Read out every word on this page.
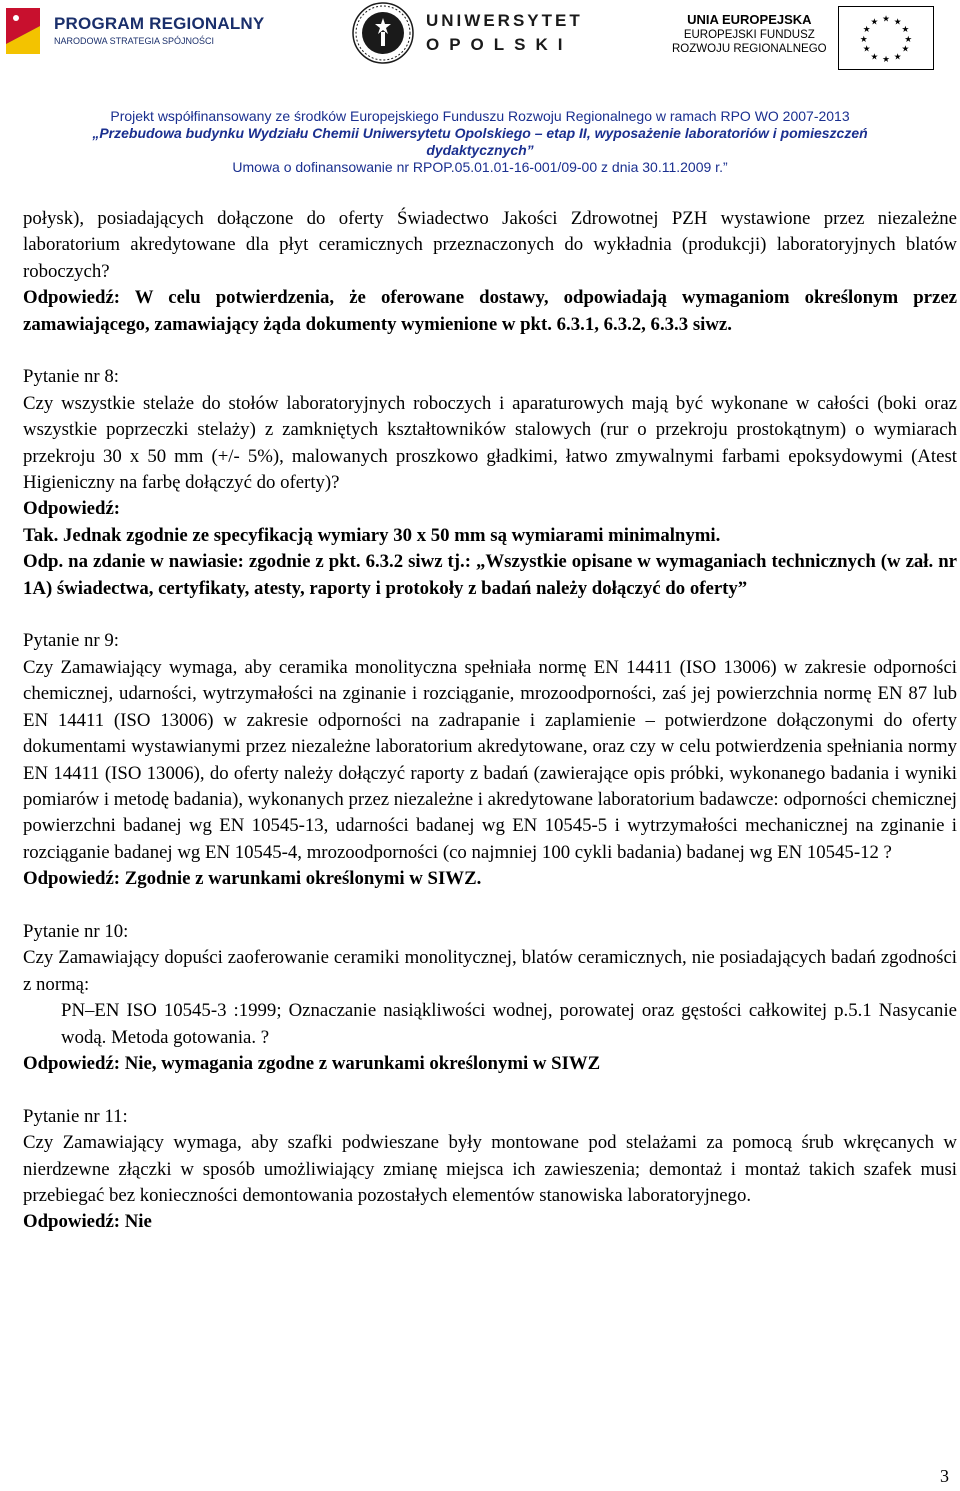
PROGRAM REGIONALNY
NARODOWA STRATEGIA SPÓJNOŚCI
UNIWERSYTET
OPOLSKI
UNIA EUROPEJSKA
EUROPEJSKI FUNDUSZ
ROZWOJU REGIONALNEGO
★ ★
★
★
★
★
★
★
★
★
★
★
Projekt współfinansowany ze środków Europejskiego Funduszu Rozwoju Regionalnego w ramach RPO WO 2007-2013
„Przebudowa budynku Wydziału Chemii Uniwersytetu Opolskiego – etap II, wyposażenie laboratoriów i pomieszczeń
dydaktycznych”
Umowa o dofinansowanie nr RPOP.05.01.01-16-001/09-00 z dnia 30.11.2009 r.”

połysk), posiadających dołączone do oferty Świadectwo Jakości Zdrowotnej PZH wystawione przez niezależne laboratorium akredytowane dla płyt ceramicznych przeznaczonych do wykładnia (produkcji) laboratoryjnych blatów roboczych?

Odpowiedź: W celu potwierdzenia, że oferowane dostawy, odpowiadają wymaganiom określonym przez zamawiającego, zamawiający żąda dokumenty wymienione w pkt. 6.3.1, 6.3.2, 6.3.3 siwz.

Pytanie nr 8:

Czy wszystkie stelaże do stołów laboratoryjnych roboczych i aparaturowych mają być wykonane w całości (boki oraz wszystkie poprzeczki stelaży) z zamkniętych kształtowników stalowych (rur o przekroju prostokątnym) o wymiarach przekroju 30 x 50 mm (+/- 5%), malowanych proszkowo gładkimi, łatwo zmywalnymi farbami epoksydowymi (Atest Higieniczny na farbę dołączyć do oferty)?

Odpowiedź:

Tak. Jednak zgodnie ze specyfikacją wymiary 30 x 50 mm są wymiarami minimalnymi.

Odp. na zdanie w nawiasie: zgodnie z pkt. 6.3.2 siwz tj.: „Wszystkie opisane w wymaganiach technicznych (w zał. nr 1A) świadectwa, certyfikaty, atesty, raporty i protokoły z badań należy dołączyć do oferty”

Pytanie nr 9:

Czy Zamawiający wymaga, aby ceramika monolityczna spełniała normę EN 14411 (ISO 13006) w zakresie odporności chemicznej, udarności, wytrzymałości na zginanie i rozciąganie, mrozoodporności, zaś jej powierzchnia normę EN 87 lub EN 14411 (ISO 13006) w zakresie odporności na zadrapanie i zaplamienie – potwierdzone dołączonymi do oferty dokumentami wystawianymi przez niezależne laboratorium akredytowane, oraz czy w celu potwierdzenia spełniania normy EN 14411 (ISO 13006), do oferty należy dołączyć raporty z badań (zawierające opis próbki, wykonanego badania i wyniki pomiarów i metodę badania), wykonanych przez niezależne i akredytowane laboratorium badawcze: odporności chemicznej powierzchni badanej wg EN 10545-13, udarności badanej wg EN 10545-5 i wytrzymałości mechanicznej na zginanie i rozciąganie badanej wg EN 10545-4, mrozoodporności (co najmniej 100 cykli badania) badanej wg EN 10545-12 ?

Odpowiedź: Zgodnie z warunkami określonymi w SIWZ.

Pytanie nr 10:

Czy Zamawiający dopuści zaoferowanie ceramiki monolitycznej, blatów ceramicznych, nie posiadających badań zgodności z normą:

PN–EN ISO 10545-3 :1999; Oznaczanie nasiąkliwości wodnej, porowatej oraz gęstości całkowitej p.5.1 Nasycanie wodą. Metoda gotowania. ?

Odpowiedź: Nie, wymagania zgodne z warunkami określonymi w SIWZ

Pytanie nr 11:

Czy Zamawiający wymaga, aby szafki podwieszane były montowane pod stelażami za pomocą śrub wkręcanych w nierdzewne złączki w sposób umożliwiający zmianę miejsca ich zawieszenia; demontaż i montaż takich szafek musi przebiegać bez konieczności demontowania pozostałych elementów stanowiska laboratoryjnego.

Odpowiedź: Nie

3
